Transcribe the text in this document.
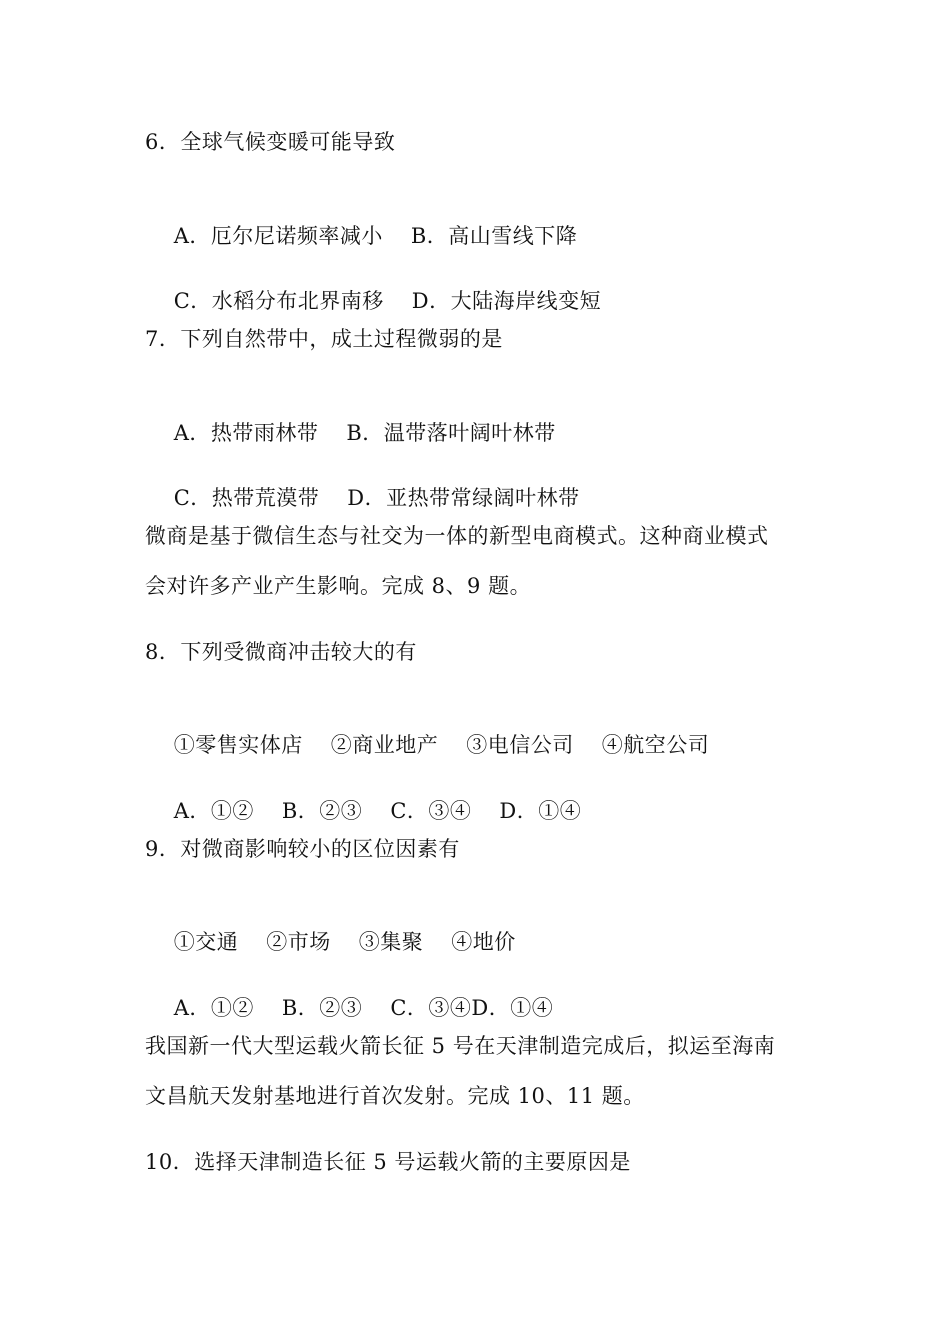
6．全球气候变暖可能导致

A．厄尔尼诺频率减小 B．高山雪线下降

C．水稻分布北界南移 D．大陆海岸线变短

7．下列自然带中，成土过程微弱的是

A．热带雨林带 B．温带落叶阔叶林带

C．热带荒漠带 D．亚热带常绿阔叶林带

微商是基于微信生态与社交为一体的新型电商模式。这种商业模式
会对许多产业产生影响。完成 8、9 题。
8．下列受微商冲击较大的有

①零售实体店 ②商业地产 ③电信公司 ④航空公司

A．①② B．②③ C．③④ D．①④

9．对微商影响较小的区位因素有

①交通 ②市场 ③集聚 ④地价

A．①② B．②③ C．③④D．①④

我国新一代大型运载火箭长征 5 号在天津制造完成后，拟运至海南
文昌航天发射基地进行首次发射。完成 10、11 题。
10．选择天津制造长征 5 号运载火箭的主要原因是
